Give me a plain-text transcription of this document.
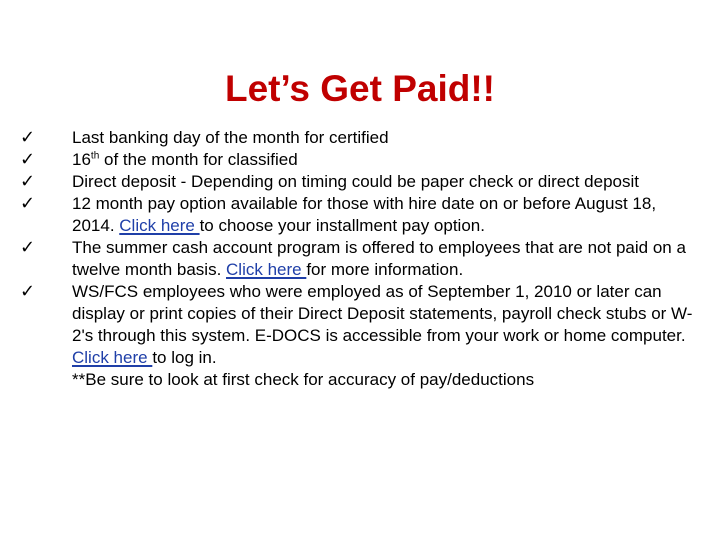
Let’s Get Paid!!
✓ Last banking day of the month for certified
✓ 16th of the month for classified
✓ Direct deposit - Depending on timing could be paper check or direct deposit
✓ 12 month pay option available for those with hire date on or before August 18, 2014. Click here to choose your installment pay option.
✓ The summer cash account program is offered to employees that are not paid on a twelve month basis. Click here for more information.
✓ WS/FCS employees who were employed as of September 1, 2010 or later can display or print copies of their Direct Deposit statements, payroll check stubs or W-2's through this system. E-DOCS is accessible from your work or home computer. Click here to log in.
**Be sure to look at first check for accuracy of pay/deductions
